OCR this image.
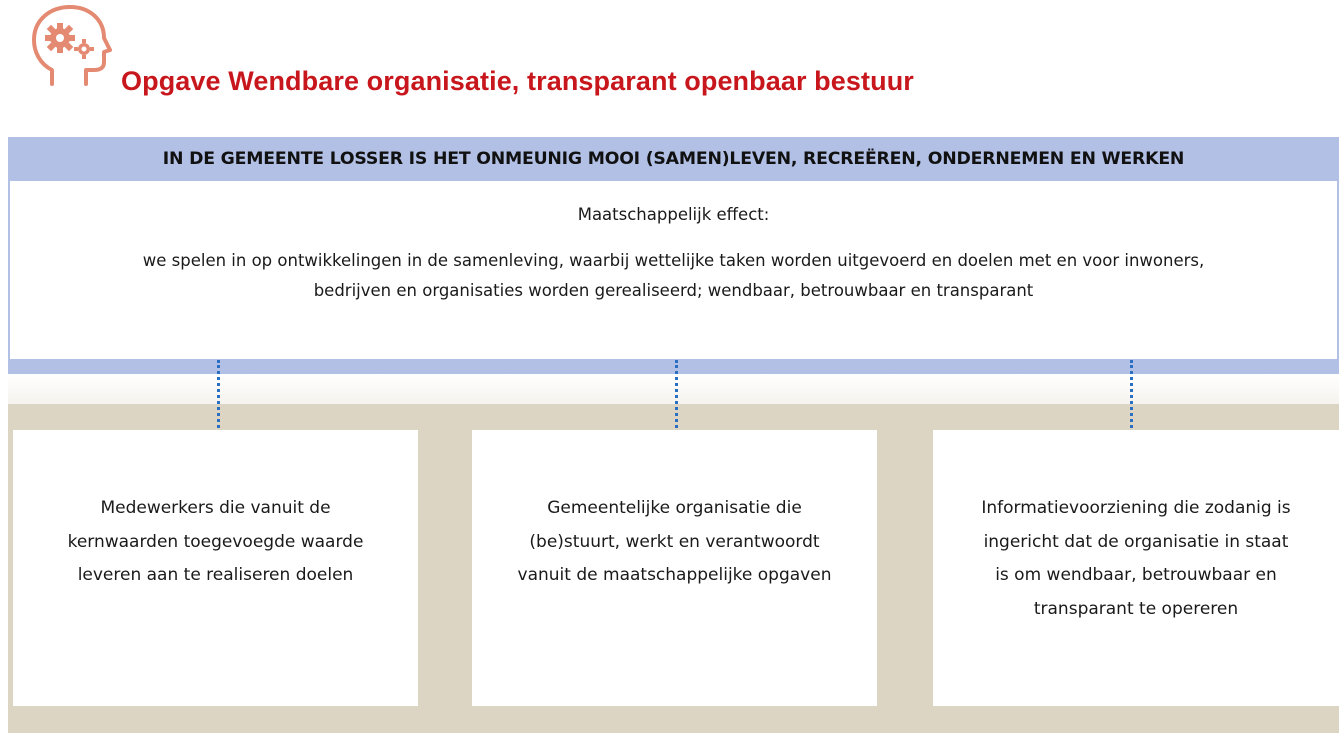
Opgave Wendbare organisatie, transparant openbaar bestuur
IN DE GEMEENTE LOSSER IS HET ONMEUNIG MOOI (SAMEN)LEVEN, RECREËREN, ONDERNEMEN EN WERKEN
Maatschappelijk effect:
we spelen in op ontwikkelingen in de samenleving, waarbij wettelijke taken worden uitgevoerd en doelen met en voor inwoners,
bedrijven en organisaties worden gerealiseerd; wendbaar, betrouwbaar en transparant
Medewerkers die vanuit de
kernwaarden toegevoegde waarde
leveren aan te realiseren doelen
Gemeentelijke organisatie die
(be)stuurt, werkt en verantwoordt
vanuit de maatschappelijke opgaven
Informatievoorziening die zodanig is
ingericht dat de organisatie in staat
is om wendbaar, betrouwbaar en
transparant te opereren
